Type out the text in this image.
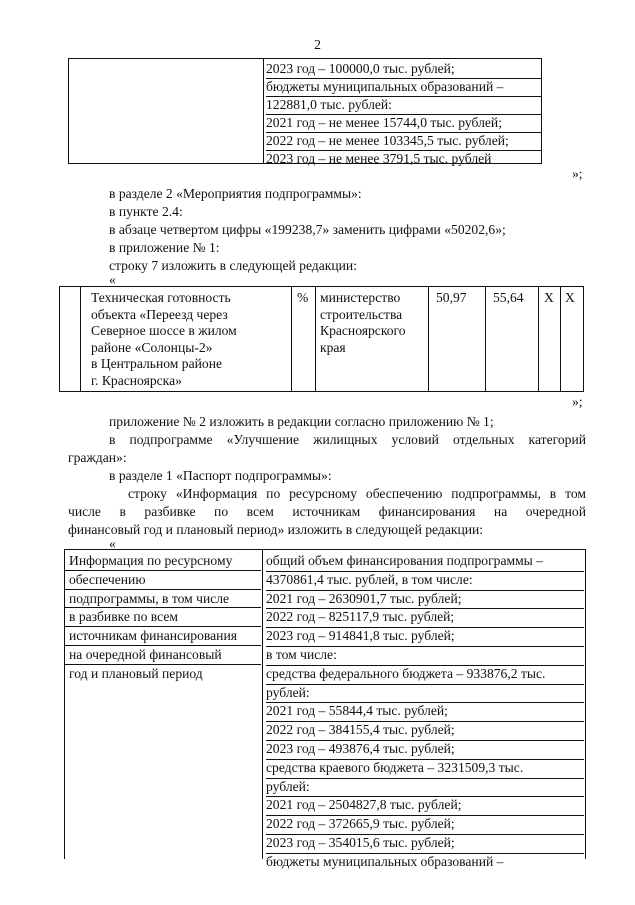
2
2023 год – 100000,0 тыс. рублей;
бюджеты муниципальных образований –
122881,0 тыс. рублей:
2021 год – не менее 15744,0 тыс. рублей;
2022 год – не менее 103345,5 тыс. рублей;
2023 год – не менее 3791,5 тыс. рублей
»;
в разделе 2 «Мероприятия подпрограммы»:
в пункте 2.4:
в абзаце четвертом цифры «199238,7» заменить цифрами «50202,6»;
в приложение № 1:
строку 7 изложить в следующей редакции:
«
Техническая готовность
объекта «Переезд через
Северное шоссе в жилом
районе «Солонцы-2»
в Центральном районе
г. Красноярска»
% министерство
строительства
Красноярского
края
50,97 55,64 X X
»;
приложение № 2 изложить в редакции согласно приложению № 1;
в подпрограмме «Улучшение жилищных условий отдельных категорий
граждан»:
в разделе 1 «Паспорт подпрограммы»:
строку «Информация по ресурсному обеспечению подпрограммы, в том
числе в разбивке по всем источникам финансирования на очередной
финансовый год и плановый период» изложить в следующей редакции:
«
Информация по ресурсному
обеспечению
подпрограммы, в том числе
в разбивке по всем
источникам финансирования
на очередной финансовый
год и плановый период
общий объем финансирования подпрограммы –
4370861,4 тыс. рублей, в том числе:
2021 год – 2630901,7 тыс. рублей;
2022 год – 825117,9 тыс. рублей;
2023 год – 914841,8 тыс. рублей;
в том числе:
средства федерального бюджета – 933876,2 тыс.
рублей:
2021 год – 55844,4 тыс. рублей;
2022 год – 384155,4 тыс. рублей;
2023 год – 493876,4 тыс. рублей;
средства краевого бюджета – 3231509,3 тыс.
рублей:
2021 год – 2504827,8 тыс. рублей;
2022 год – 372665,9 тыс. рублей;
2023 год – 354015,6 тыс. рублей;
бюджеты муниципальных образований –
